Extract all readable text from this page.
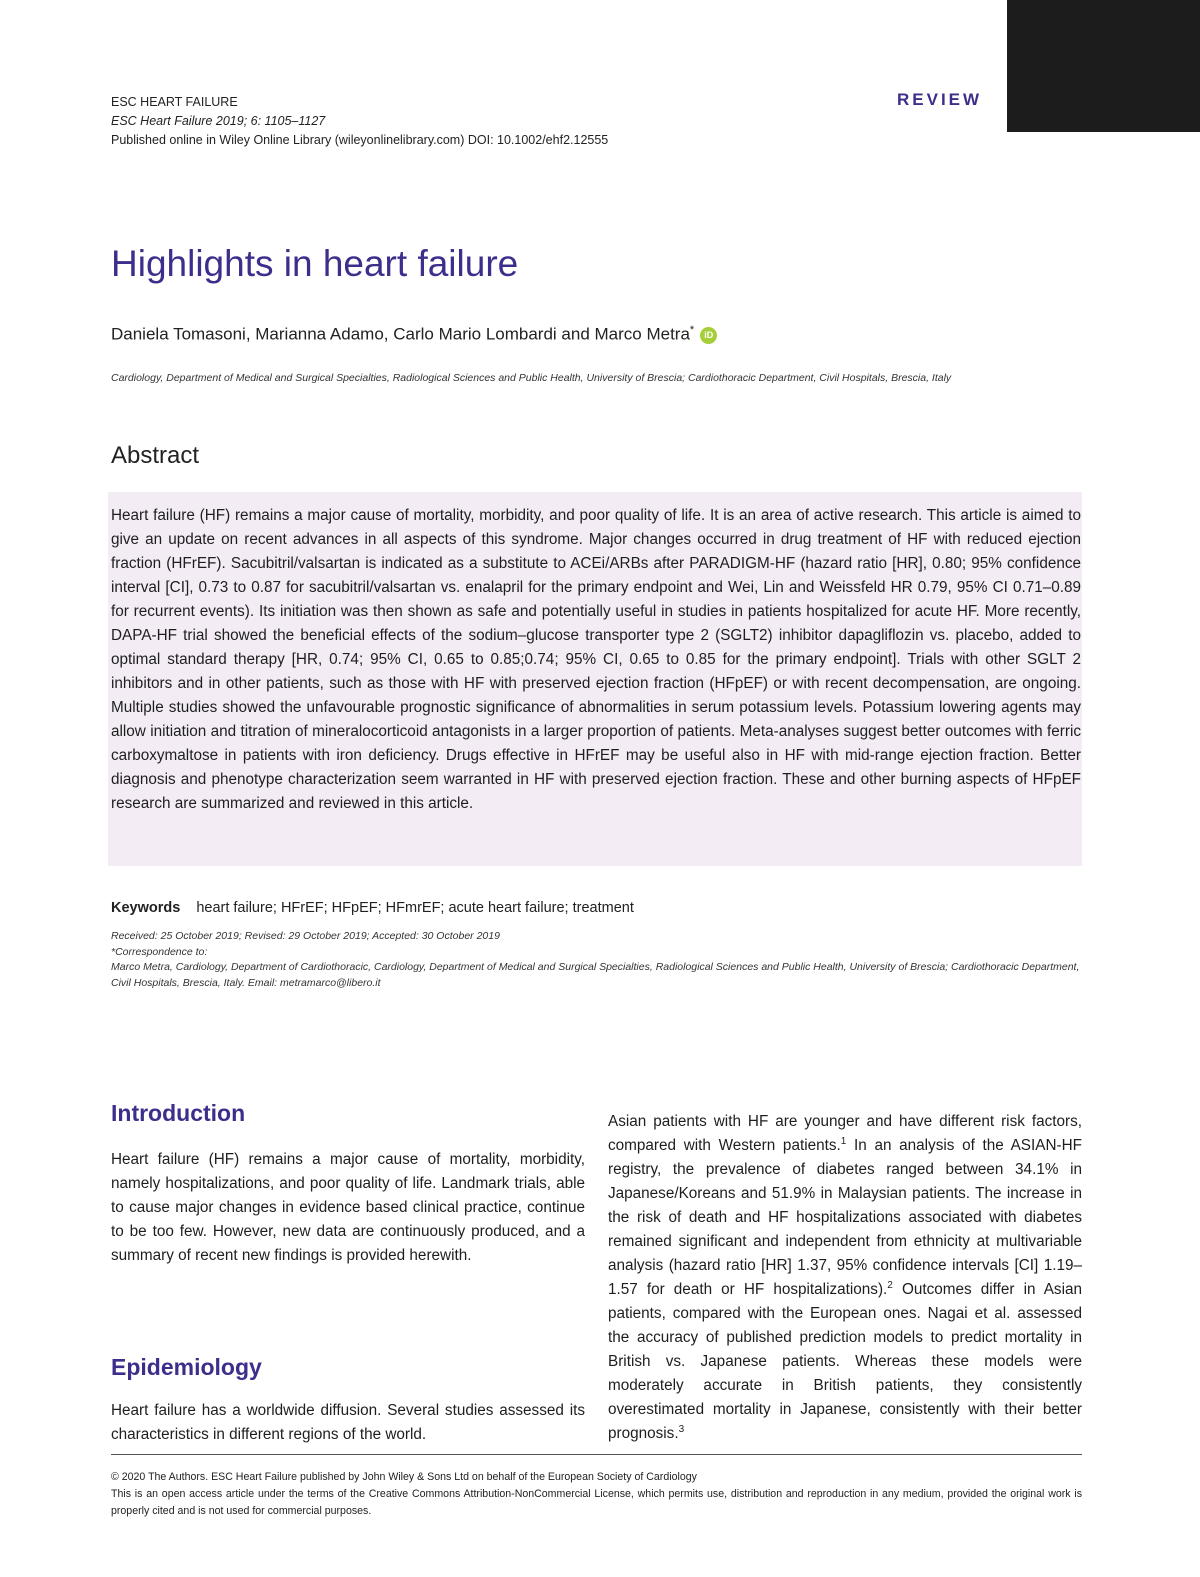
ESC HEART FAILURE
ESC Heart Failure 2019; 6: 1105–1127
Published online in Wiley Online Library (wileyonlinelibrary.com) DOI: 10.1002/ehf2.12555
REVIEW
Highlights in heart failure
Daniela Tomasoni, Marianna Adamo, Carlo Mario Lombardi and Marco Metra* iD
Cardiology, Department of Medical and Surgical Specialties, Radiological Sciences and Public Health, University of Brescia; Cardiothoracic Department, Civil Hospitals, Brescia, Italy
Abstract

Heart failure (HF) remains a major cause of mortality, morbidity, and poor quality of life. It is an area of active research. This article is aimed to give an update on recent advances in all aspects of this syndrome. Major changes occurred in drug treatment of HF with reduced ejection fraction (HFrEF). Sacubitril/valsartan is indicated as a substitute to ACEi/ARBs after PARADIGM-HF (hazard ratio [HR], 0.80; 95% confidence interval [CI], 0.73 to 0.87 for sacubitril/valsartan vs. enalapril for the primary endpoint and Wei, Lin and Weissfeld HR 0.79, 95% CI 0.71–0.89 for recurrent events). Its initiation was then shown as safe and potentially useful in studies in patients hospitalized for acute HF. More recently, DAPA-HF trial showed the beneficial effects of the sodium–glucose transporter type 2 (SGLT2) inhibitor dapagliflozin vs. placebo, added to optimal standard therapy [HR, 0.74; 95% CI, 0.65 to 0.85;0.74; 95% CI, 0.65 to 0.85 for the primary endpoint]. Trials with other SGLT 2 inhibitors and in other patients, such as those with HF with preserved ejection fraction (HFpEF) or with recent decompensation, are ongoing. Multiple studies showed the unfavourable prognostic significance of abnormalities in serum potassium levels. Potassium lowering agents may allow initiation and titration of mineralocorticoid antagonists in a larger proportion of patients. Meta-analyses suggest better outcomes with ferric carboxymaltose in patients with iron deficiency. Drugs effective in HFrEF may be useful also in HF with mid-range ejection fraction. Better diagnosis and phenotype characterization seem warranted in HF with preserved ejection fraction. These and other burning aspects of HFpEF research are summarized and reviewed in this article.

Keywords heart failure; HFrEF; HFpEF; HFmrEF; acute heart failure; treatment
Received: 25 October 2019; Revised: 29 October 2019; Accepted: 30 October 2019
*Correspondence to:
Marco Metra, Cardiology, Department of Cardiothoracic, Cardiology, Department of Medical and Surgical Specialties, Radiological Sciences and Public Health, University of Brescia; Cardiothoracic Department, Civil Hospitals, Brescia, Italy. Email: metramarco@libero.it
Introduction

Heart failure (HF) remains a major cause of mortality, morbidity, namely hospitalizations, and poor quality of life. Landmark trials, able to cause major changes in evidence based clinical practice, continue to be too few. However, new data are continuously produced, and a summary of recent new findings is provided herewith.

Epidemiology

Heart failure has a worldwide diffusion. Several studies assessed its characteristics in different regions of the world.

Asian patients with HF are younger and have different risk factors, compared with Western patients.$^1$ In an analysis of the ASIAN-HF registry, the prevalence of diabetes ranged between 34.1% in Japanese/Koreans and 51.9% in Malaysian patients. The increase in the risk of death and HF hospitalizations associated with diabetes remained significant and independent from ethnicity at multivariable analysis (hazard ratio [HR] 1.37, 95% confidence intervals [CI] 1.19–1.57 for death or HF hospitalizations).$^2$ Outcomes differ in Asian patients, compared with the European ones. Nagai et al. assessed the accuracy of published prediction models to predict mortality in British vs. Japanese patients. Whereas these models were moderately accurate in British patients, they consistently overestimated mortality in Japanese, consistently with their better prognosis.$^3$

© 2020 The Authors. ESC Heart Failure published by John Wiley & Sons Ltd on behalf of the European Society of Cardiology
This is an open access article under the terms of the Creative Commons Attribution-NonCommercial License, which permits use, distribution and reproduction in any medium, provided the original work is properly cited and is not used for commercial purposes.
